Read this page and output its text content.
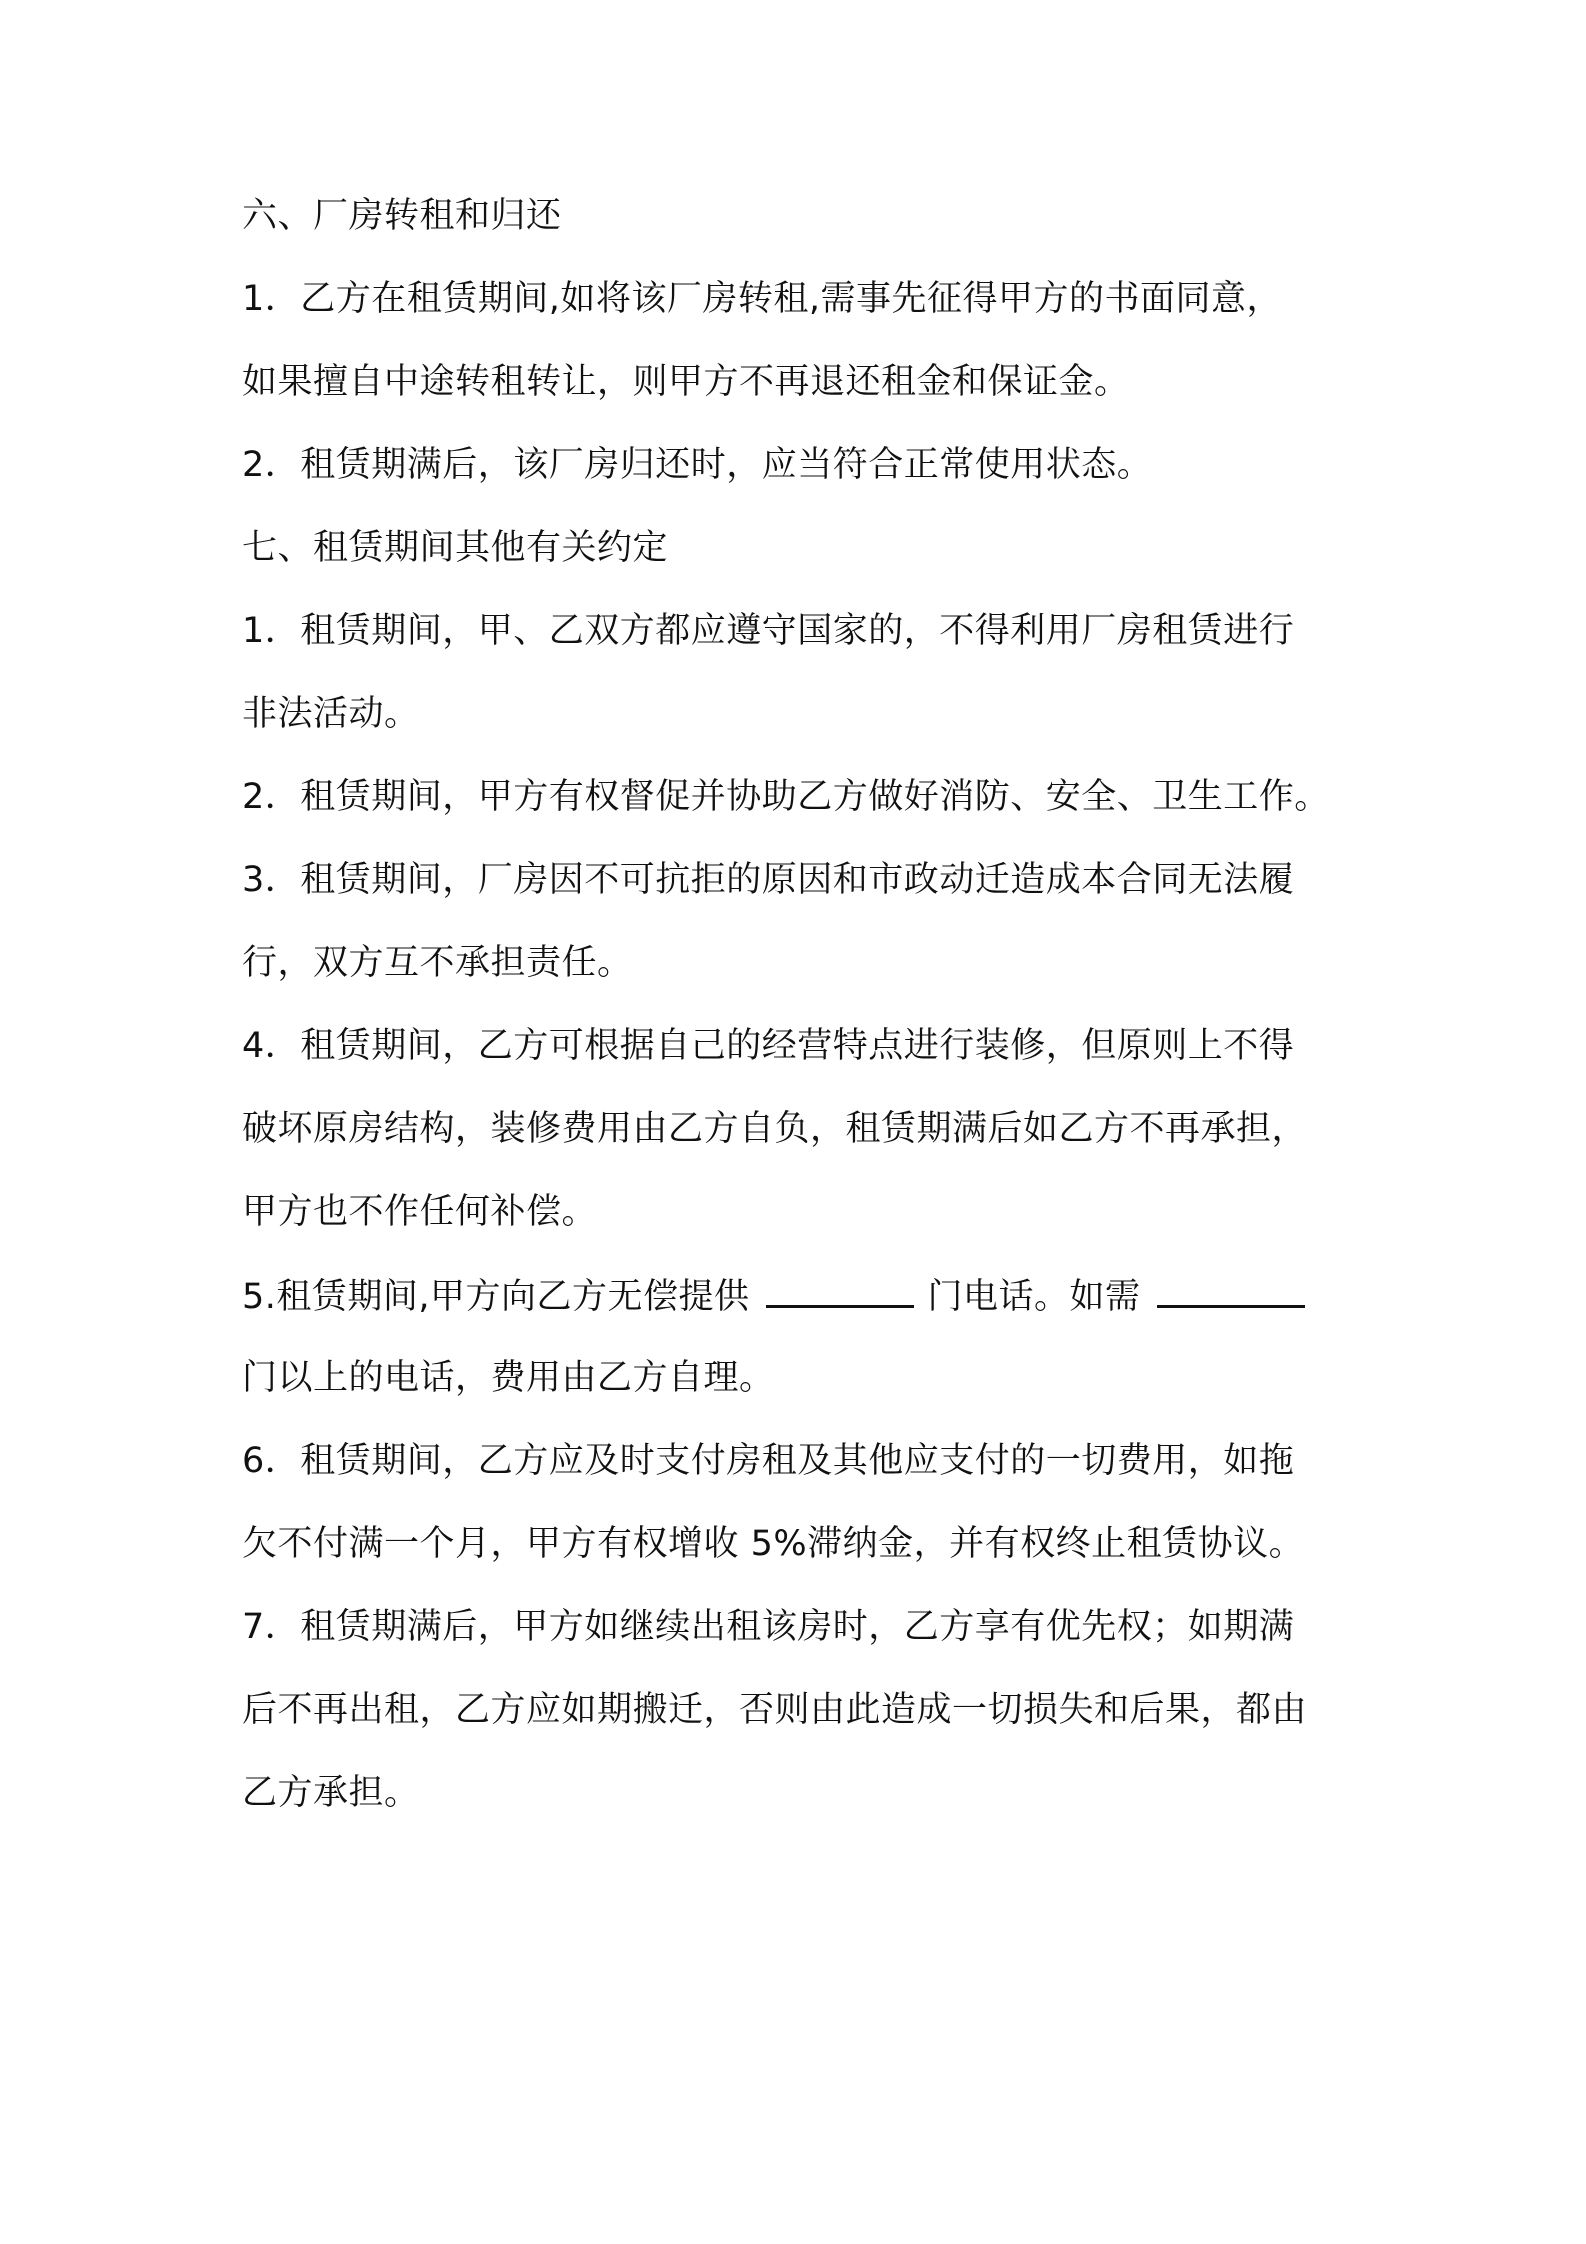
六、厂房转租和归还
1．乙方在租赁期间,如将该厂房转租,需事先征得甲方的书面同意，
如果擅自中途转租转让，则甲方不再退还租金和保证金。
2．租赁期满后，该厂房归还时，应当符合正常使用状态。
七、租赁期间其他有关约定
1．租赁期间，甲、乙双方都应遵守国家的，不得利用厂房租赁进行
非法活动。
2．租赁期间，甲方有权督促并协助乙方做好消防、安全、卫生工作。
3．租赁期间，厂房因不可抗拒的原因和市政动迁造成本合同无法履
行，双方互不承担责任。
4．租赁期间，乙方可根据自己的经营特点进行装修，但原则上不得
破坏原房结构，装修费用由乙方自负，租赁期满后如乙方不再承担，
甲方也不作任何补偿。
5.租赁期间,甲方向乙方无偿提供	门电话。如需
门以上的电话，费用由乙方自理。
6．租赁期间，乙方应及时支付房租及其他应支付的一切费用，如拖
欠不付满一个月，甲方有权增收 5%滞纳金，并有权终止租赁协议。
7．租赁期满后，甲方如继续出租该房时，乙方享有优先权；如期满
后不再出租，乙方应如期搬迁，否则由此造成一切损失和后果，都由
乙方承担。
